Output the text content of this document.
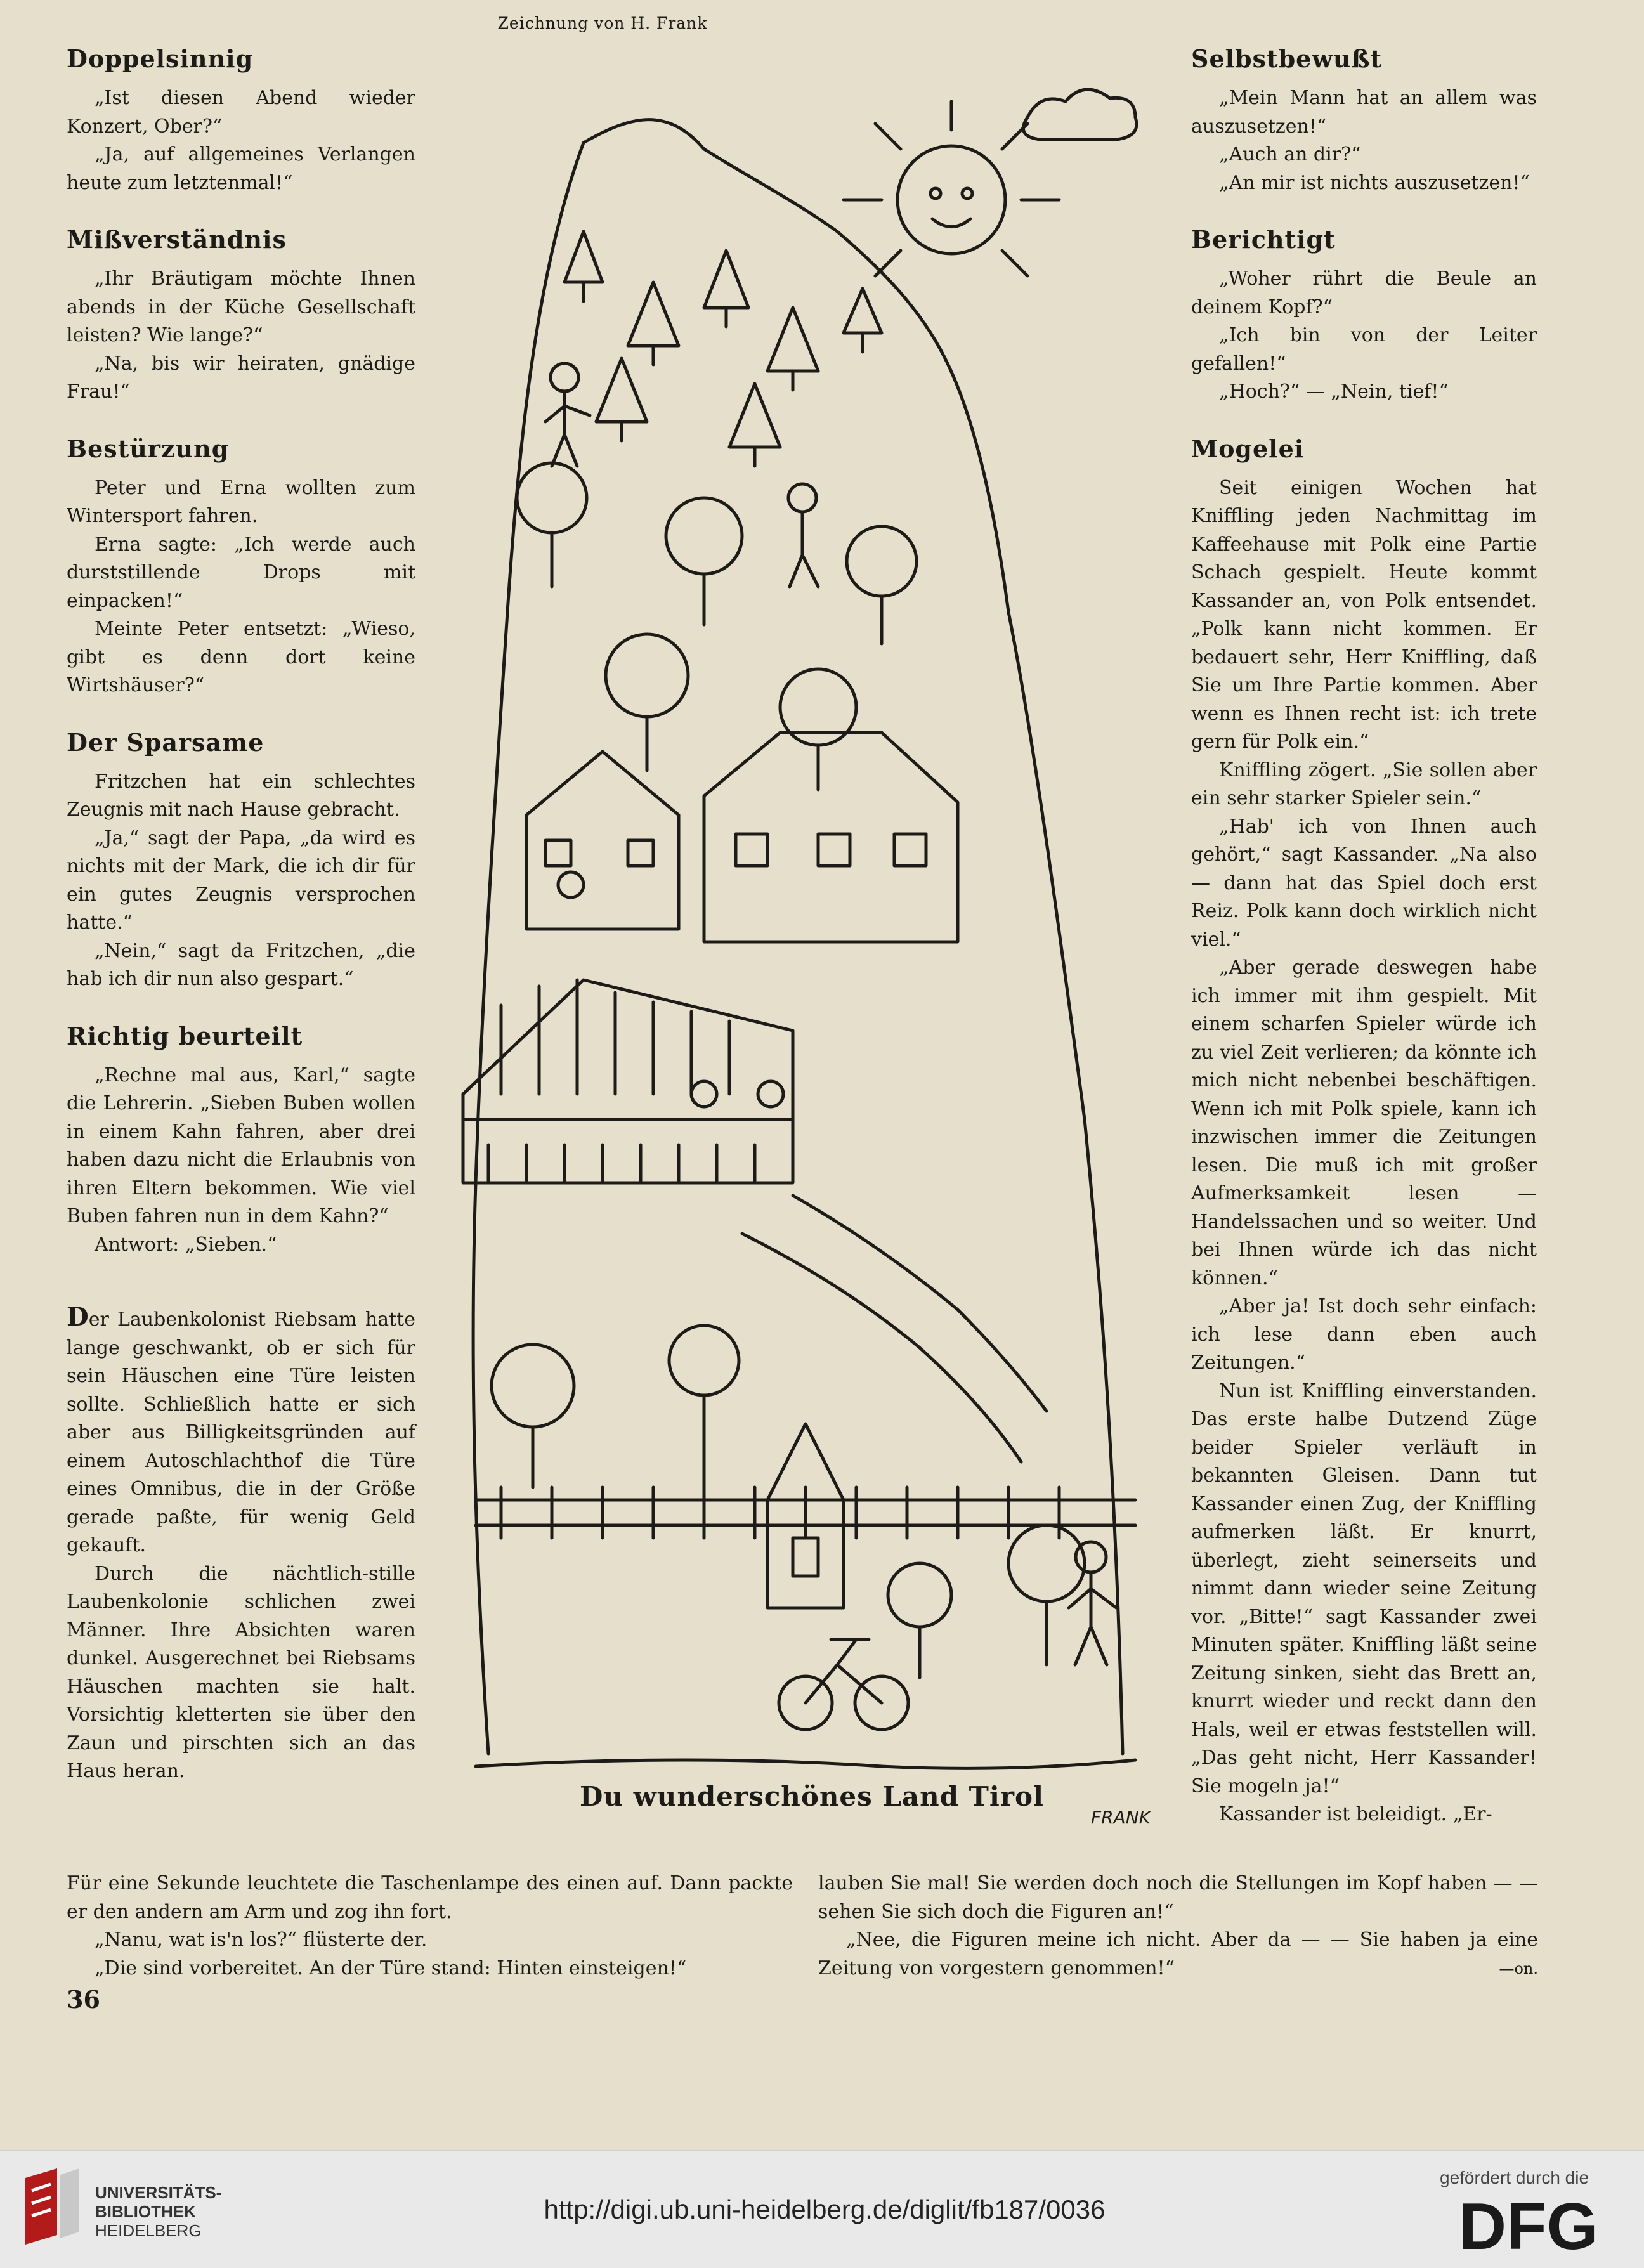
Zeichnung von H. Frank
Doppelsinnig

„Ist diesen Abend wieder Konzert, Ober?“

„Ja, auf allgemeines Verlangen heute zum letztenmal!“

Mißverständnis

„Ihr Bräutigam möchte Ihnen abends in der Küche Gesellschaft leisten? Wie lange?“

„Na, bis wir heiraten, gnädige Frau!“

Bestürzung

Peter und Erna wollten zum Wintersport fahren.

Erna sagte: „Ich werde auch durststillende Drops mit einpacken!“

Meinte Peter entsetzt: „Wieso, gibt es denn dort keine Wirtshäuser?“

Der Sparsame

Fritzchen hat ein schlechtes Zeugnis mit nach Hause gebracht.

„Ja,“ sagt der Papa, „da wird es nichts mit der Mark, die ich dir für ein gutes Zeugnis versprochen hatte.“

„Nein,“ sagt da Fritzchen, „die hab ich dir nun also gespart.“

Richtig beurteilt

„Rechne mal aus, Karl,“ sagte die Lehrerin. „Sieben Buben wollen in einem Kahn fahren, aber drei haben dazu nicht die Erlaubnis von ihren Eltern bekommen. Wie viel Buben fahren nun in dem Kahn?“

Antwort: „Sieben.“

Der Laubenkolonist Riebsam hatte lange geschwankt, ob er sich für sein Häuschen eine Türe leisten sollte. Schließlich hatte er sich aber aus Billigkeitsgründen auf einem Autoschlachthof die Türe eines Omnibus, die in der Größe gerade paßte, für wenig Geld gekauft.

Durch die nächtlich-stille Laubenkolonie schlichen zwei Männer. Ihre Absichten waren dunkel. Ausgerechnet bei Riebsams Häuschen machten sie halt. Vorsichtig kletterten sie über den Zaun und pirschten sich an das Haus heran.

FRANK
Du wunderschönes Land Tirol
Selbstbewußt

„Mein Mann hat an allem was auszusetzen!“

„Auch an dir?“

„An mir ist nichts auszusetzen!“

Berichtigt

„Woher rührt die Beule an deinem Kopf?“

„Ich bin von der Leiter gefallen!“

„Hoch?“ — „Nein, tief!“

Mogelei

Seit einigen Wochen hat Kniffling jeden Nachmittag im Kaffeehause mit Polk eine Partie Schach gespielt. Heute kommt Kassander an, von Polk entsendet. „Polk kann nicht kommen. Er bedauert sehr, Herr Kniffling, daß Sie um Ihre Partie kommen. Aber wenn es Ihnen recht ist: ich trete gern für Polk ein.“

Kniffling zögert. „Sie sollen aber ein sehr starker Spieler sein.“

„Hab' ich von Ihnen auch gehört,“ sagt Kassander. „Na also — dann hat das Spiel doch erst Reiz. Polk kann doch wirklich nicht viel.“

„Aber gerade deswegen habe ich immer mit ihm gespielt. Mit einem scharfen Spieler würde ich zu viel Zeit verlieren; da könnte ich mich nicht nebenbei beschäftigen. Wenn ich mit Polk spiele, kann ich inzwischen immer die Zeitungen lesen. Die muß ich mit großer Aufmerksamkeit lesen — Handelssachen und so weiter. Und bei Ihnen würde ich das nicht können.“

„Aber ja! Ist doch sehr einfach: ich lese dann eben auch Zeitungen.“

Nun ist Kniffling einverstanden. Das erste halbe Dutzend Züge beider Spieler verläuft in bekannten Gleisen. Dann tut Kassander einen Zug, der Kniffling aufmerken läßt. Er knurrt, überlegt, zieht seinerseits und nimmt dann wieder seine Zeitung vor. „Bitte!“ sagt Kassander zwei Minuten später. Kniffling läßt seine Zeitung sinken, sieht das Brett an, knurrt wieder und reckt dann den Hals, weil er etwas feststellen will. „Das geht nicht, Herr Kassander! Sie mogeln ja!“

Kassander ist beleidigt. „Er-

Für eine Sekunde leuchtete die Taschenlampe des einen auf. Dann packte er den andern am Arm und zog ihn fort.

„Nanu, wat is'n los?“ flüsterte der.

„Die sind vorbereitet. An der Türe stand: Hinten einsteigen!“

lauben Sie mal! Sie werden doch noch die Stellungen im Kopf haben — — sehen Sie sich doch die Figuren an!“

„Nee, die Figuren meine ich nicht. Aber da — — Sie haben ja eine Zeitung von vorgestern genommen!“	—on.

36
UNIVERSITÄTS-
BIBLIOTHEK
HEIDELBERG
http://digi.ub.uni-heidelberg.de/diglit/fb187/0036
gefördert durch die
DFG
